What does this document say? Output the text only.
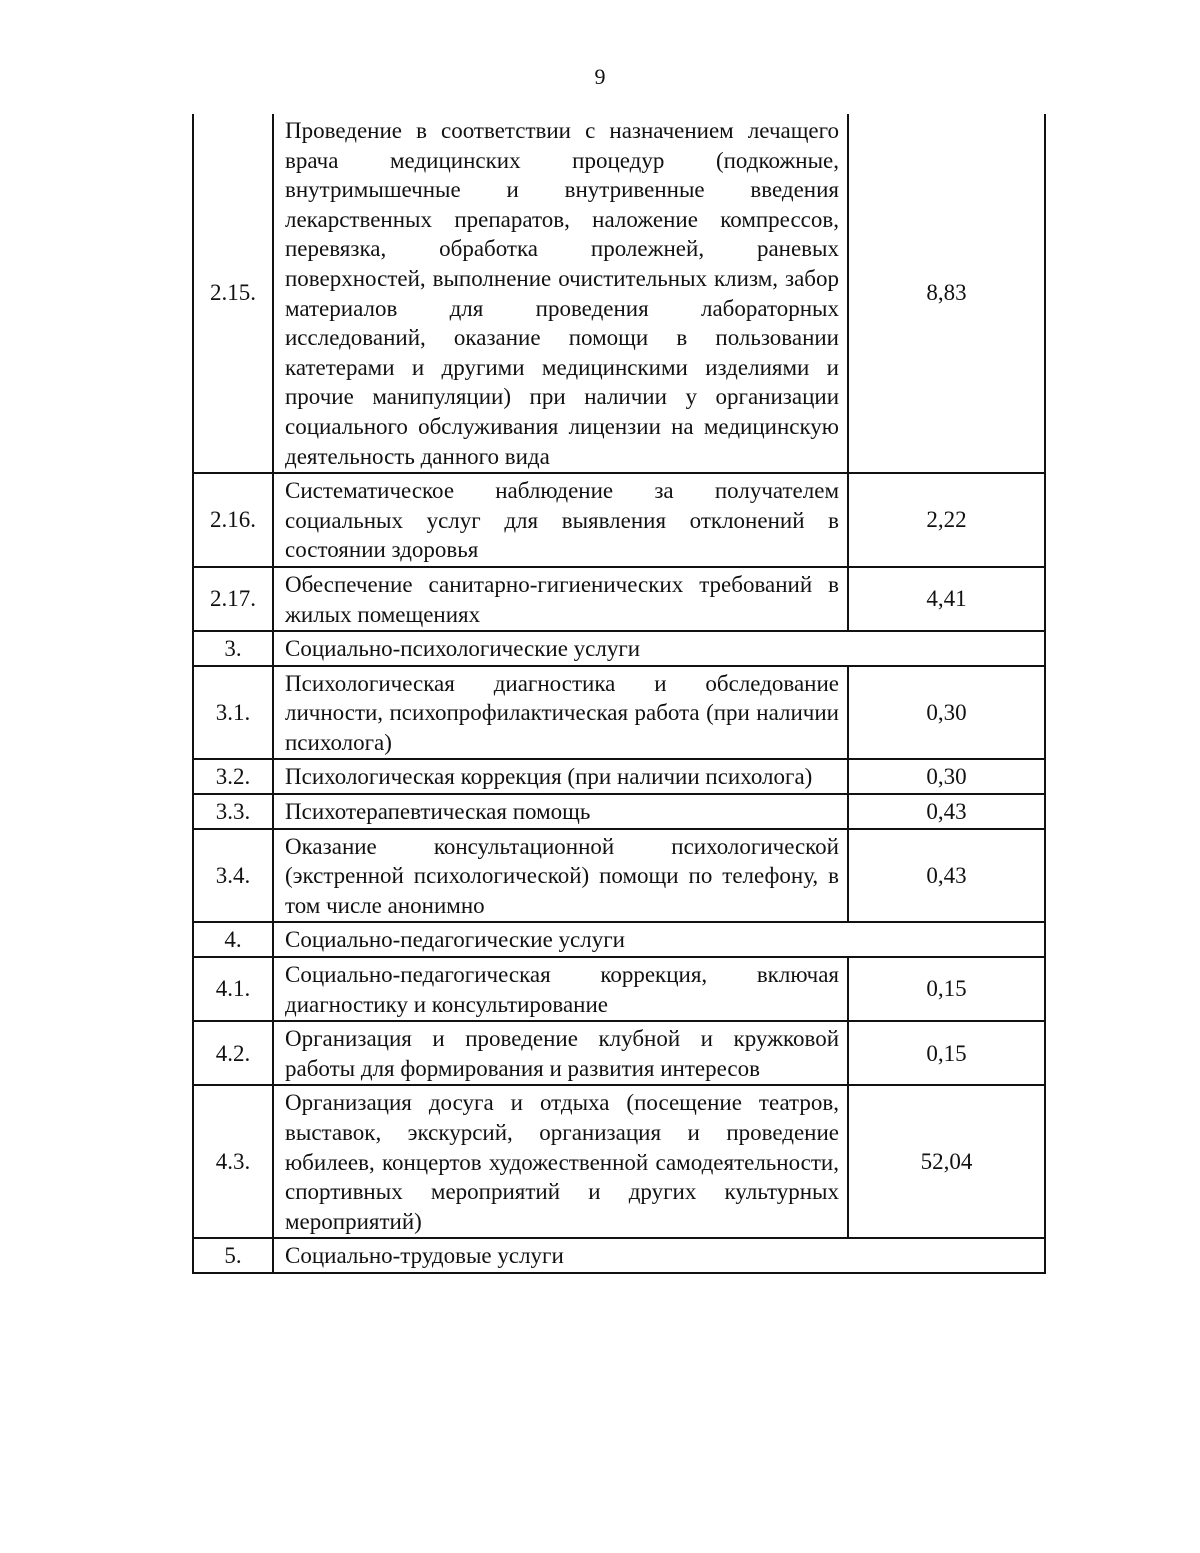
9
2.15.	Проведение в соответствии с назначением лечащего врача медицинских процедур (подкожные, внутримышечные и внутривенные введения лекарственных препаратов, наложение компрессов, перевязка, обработка пролежней, раневых поверхностей, выполнение очистительных клизм, забор материалов для проведения лабораторных исследований, оказание помощи в пользовании катетерами и другими медицинскими изделиями и прочие манипуляции) при наличии у организации социального обслуживания лицензии на медицинскую деятельность данного вида	8,83
2.16.	Систематическое наблюдение за получателем социальных услуг для выявления отклонений в состоянии здоровья	2,22
2.17.	Обеспечение санитарно-гигиенических требований в жилых помещениях	4,41
3.	Социально-психологические услуги	
3.1.	Психологическая диагностика и обследование личности, психопрофилактическая работа (при наличии психолога)	0,30
3.2.	Психологическая коррекция (при наличии психолога)	0,30
3.3.	Психотерапевтическая помощь	0,43
3.4.	Оказание консультационной психологической (экстренной психологической) помощи по телефону, в том числе анонимно	0,43
4.	Социально-педагогические услуги	
4.1.	Социально-педагогическая коррекция, включая диагностику и консультирование	0,15
4.2.	Организация и проведение клубной и кружковой работы для формирования и развития интересов	0,15
4.3.	Организация досуга и отдыха (посещение театров, выставок, экскурсий, организация и проведение юбилеев, концертов художественной самодеятельности, спортивных мероприятий и других культурных мероприятий)	52,04
5.	Социально-трудовые услуги	
